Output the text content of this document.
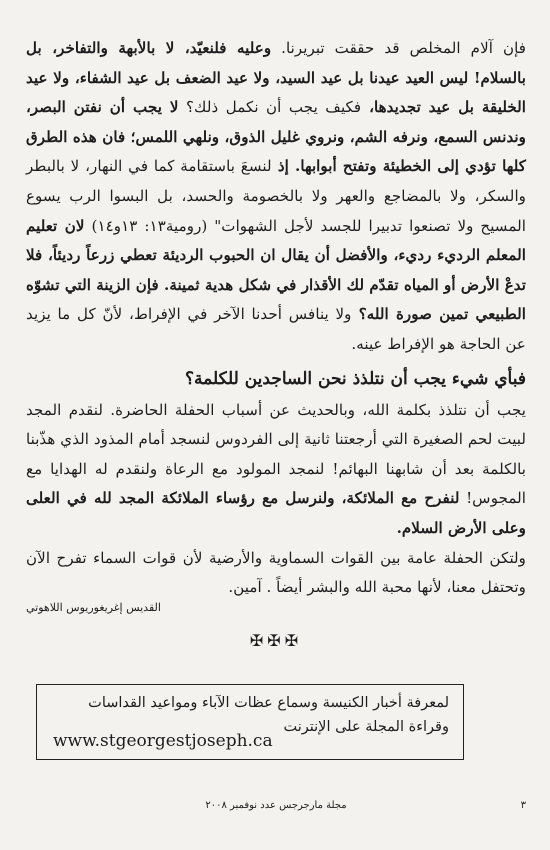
فإن آلام المخلص قد حققت تبريرنا. وعليه فلنعيّد، لا بالأبهة والتفاخر، بل بالسلام! ليس العيد عيدنا بل عيد السيد، ولا عيد الضعف بل عيد الشفاء، ولا عيد الخليقة بل عيد تجديدها، فكيف يجب أن نكمل ذلك؟ لا يجب أن نفتن البصر، وندنس السمع، ونرفه الشم، ونروي غليل الذوق، ونلهي اللمس؛ فان هذه الطرق كلها تؤدي إلى الخطيئة وتفتح أبوابها. إذ لنسعَ باستقامة كما في النهار، لا بالبطر والسكر، ولا بالمضاجع والعهر ولا بالخصومة والحسد، بل البسوا الرب يسوع المسيح ولا تصنعوا تدبيرا للجسد لأجل الشهوات" (رومية١٣: ١٣و١٤) لان تعليم المعلم الرديء رديء، والأفضل أن يقال ان الحبوب الرديئة تعطي زرعاً رديئاً، فلا تدعْ الأرض أو المياه تقدّم لك الأقذار في شكل هدية ثمينة. فإن الزينة التي تشوّه الطبيعي تمين صورة الله؟ ولا ينافس أحدنا الآخر في الإفراط، لأنّ كل ما يزيد عن الحاجة هو الإفراط عينه.

فبأي شيء يجب أن نتلذذ نحن الساجدين للكلمة؟

يجب أن نتلذذ بكلمة الله، وبالحديث عن أسباب الحفلة الحاضرة. لنقدم المجد لبيت لحم الصغيرة التي أرجعتنا ثانية إلى الفردوس لنسجد أمام المذود الذي هذّبنا بالكلمة بعد أن شابهنا البهائم! لنمجد المولود مع الرعاة ولنقدم له الهدايا مع المجوس! لنفرح مع الملائكة، ولنرسل مع رؤساء الملائكة المجد لله في العلى وعلى الأرض السلام.

ولتكن الحفلة عامة بين القوات السماوية والأرضية لأن قوات السماء تفرح الآن وتحتفل معنا، لأنها محبة الله والبشر أيضاً . آمين.

القديس إغريغوريوس اللاهوتي
✠✠✠
لمعرفة أخبار الكنيسة وسماع عظات الآباء ومواعيد القداسات
وقراءة المجلة على الإنترنت
www.stgeorgestjoseph.ca
مجلة مارجرجس عدد نوفمبر ٢٠٠٨	٣
